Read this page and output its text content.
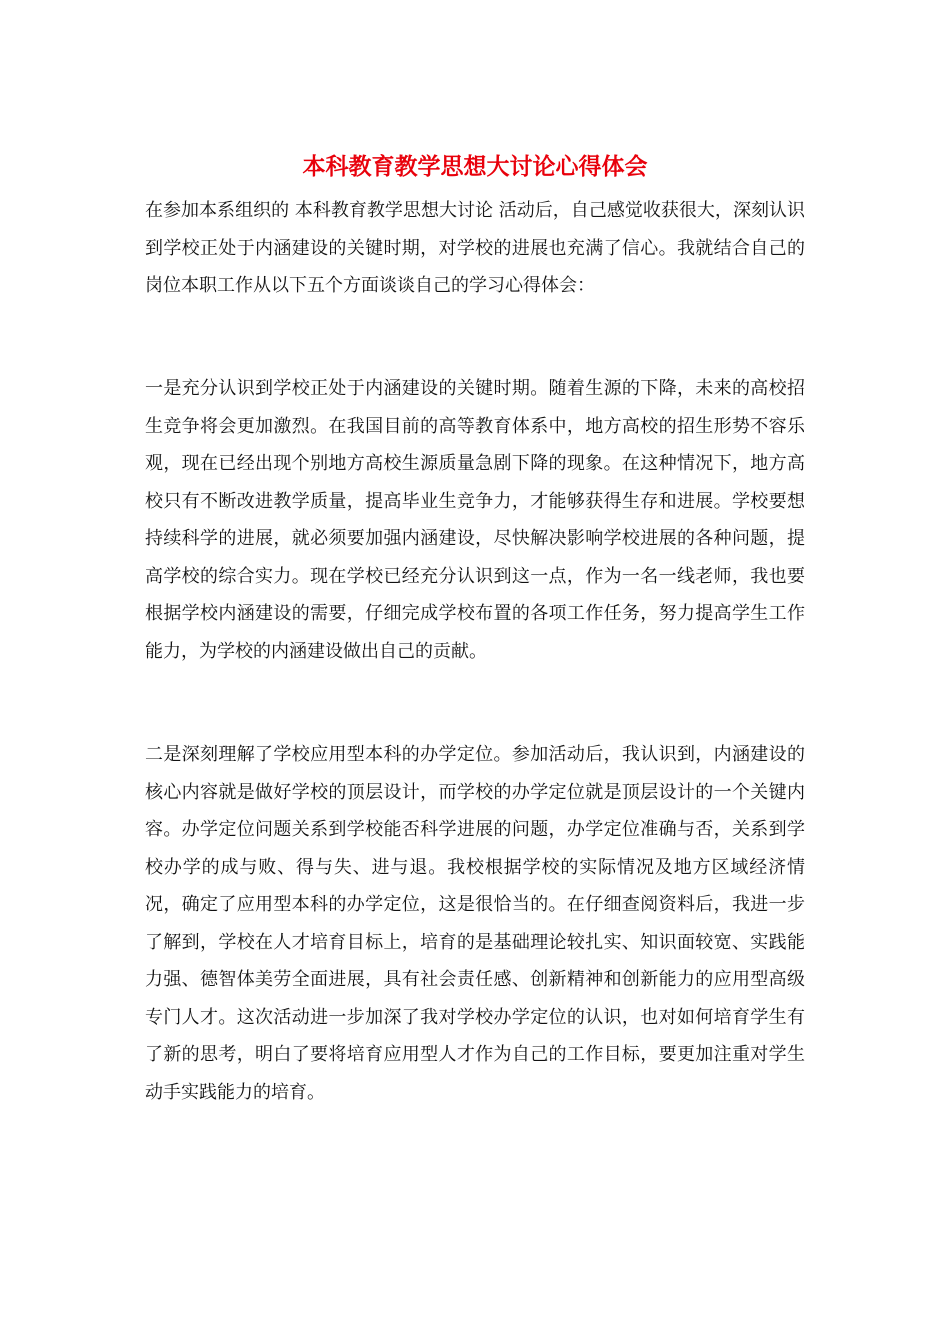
本科教育教学思想大讨论心得体会

在参加本系组织的 本科教育教学思想大讨论 活动后，自己感觉收获很大，深刻认识到学校正处于内涵建设的关键时期，对学校的进展也充满了信心。我就结合自己的岗位本职工作从以下五个方面谈谈自己的学习心得体会：

一是充分认识到学校正处于内涵建设的关键时期。随着生源的下降，未来的高校招生竞争将会更加激烈。在我国目前的高等教育体系中，地方高校的招生形势不容乐观，现在已经出现个别地方高校生源质量急剧下降的现象。在这种情况下，地方高校只有不断改进教学质量，提高毕业生竞争力，才能够获得生存和进展。学校要想持续科学的进展，就必须要加强内涵建设，尽快解决影响学校进展的各种问题，提高学校的综合实力。现在学校已经充分认识到这一点，作为一名一线老师，我也要根据学校内涵建设的需要，仔细完成学校布置的各项工作任务，努力提高学生工作能力，为学校的内涵建设做出自己的贡献。

二是深刻理解了学校应用型本科的办学定位。参加活动后，我认识到，内涵建设的核心内容就是做好学校的顶层设计，而学校的办学定位就是顶层设计的一个关键内容。办学定位问题关系到学校能否科学进展的问题，办学定位准确与否，关系到学校办学的成与败、得与失、进与退。我校根据学校的实际情况及地方区域经济情况，确定了应用型本科的办学定位，这是很恰当的。在仔细查阅资料后，我进一步了解到，学校在人才培育目标上，培育的是基础理论较扎实、知识面较宽、实践能力强、德智体美劳全面进展，具有社会责任感、创新精神和创新能力的应用型高级专门人才。这次活动进一步加深了我对学校办学定位的认识，也对如何培育学生有了新的思考，明白了要将培育应用型人才作为自己的工作目标，要更加注重对学生动手实践能力的培育。
